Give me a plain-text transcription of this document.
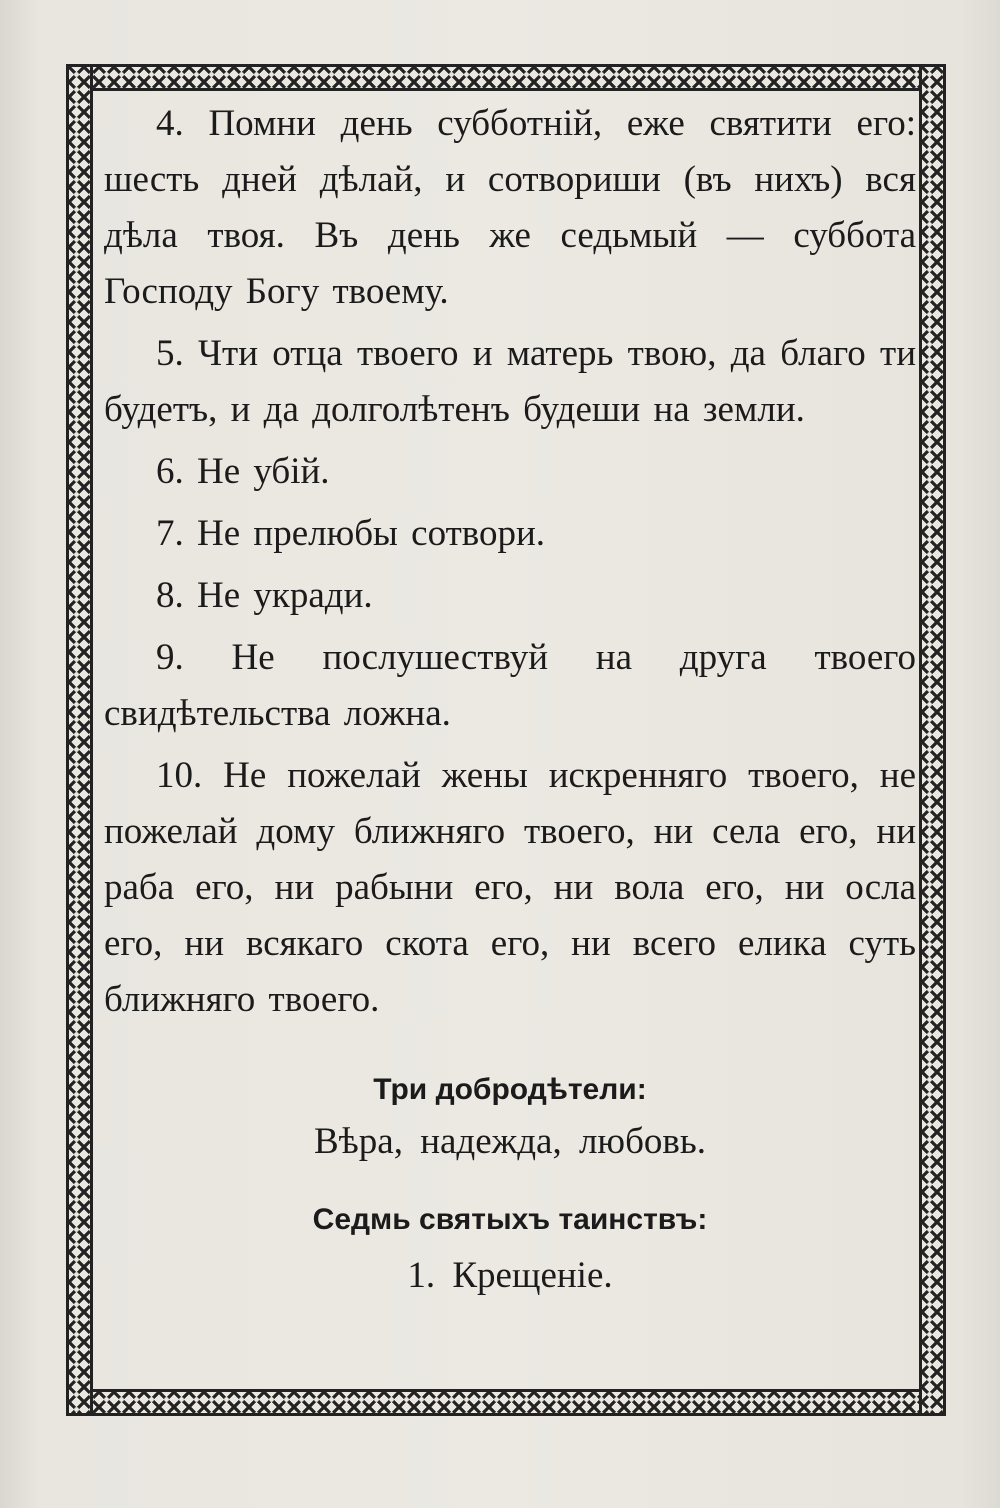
4. Помни день субботній, еже святити его: шесть дней дѣлай, и сотвориши (въ нихъ) вся дѣла твоя. Въ день же седьмый — суббота Господу Богу твоему.

5. Чти отца твоего и матерь твою, да благо ти будетъ, и да долголѣтенъ будеши на земли.

6. Не убій.

7. Не прелюбы сотвори.

8. Не укради.

9. Не послушествуй на друга твоего свидѣтельства ложна.

10. Не пожелай жены искренняго твоего, не пожелай дому ближняго твоего, ни села его, ни раба его, ни рабыни его, ни вола его, ни осла его, ни всякаго скота его, ни всего елика суть ближняго твоего.

Три добродѣтели:

Вѣра, надежда, любовь.

Седмь святыхъ таинствъ:

1. Крещеніе.
